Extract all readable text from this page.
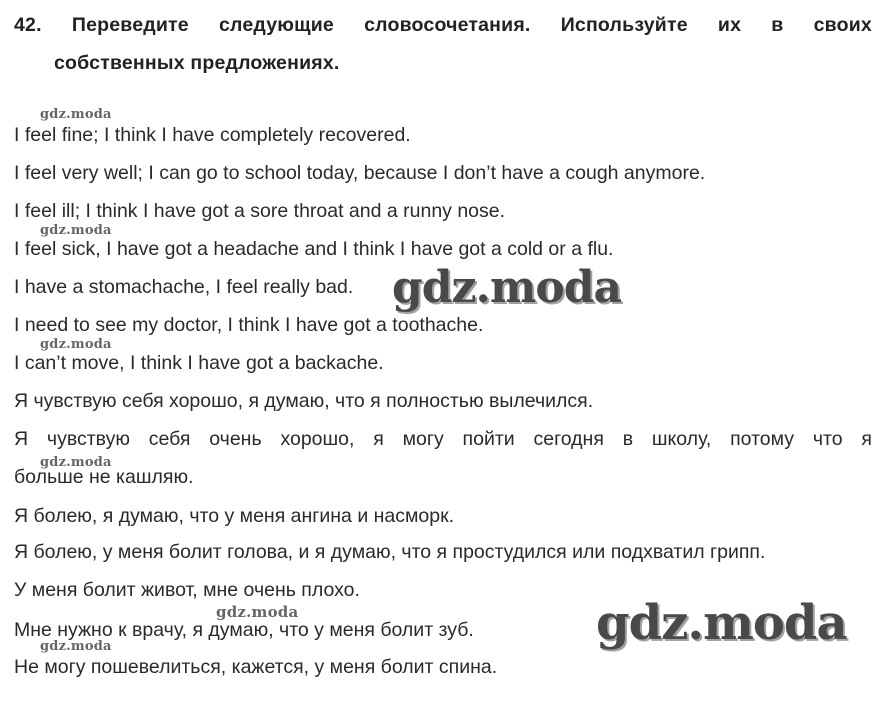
42. Переведите следующие словосочетания. Используйте их в своих
собственных предложениях.
I feel fine; I think I have completely recovered.
I feel very well; I can go to school today, because I don’t have a cough anymore.
I feel ill; I think I have got a sore throat and a runny nose.
I feel sick, I have got a headache and I think I have got a cold or a flu.
I have a stomachache, I feel really bad.
I need to see my doctor, I think I have got a toothache.
I can’t move, I think I have got a backache.
Я чувствую себя хорошо, я думаю, что я полностью вылечился.
Я чувствую себя очень хорошо, я могу пойти сегодня в школу, потому что я
больше не кашляю.
Я болею, я думаю, что у меня ангина и насморк.
Я болею, у меня болит голова, и я думаю, что я простудился или подхватил грипп.
У меня болит живот, мне очень плохо.
Мне нужно к врачу, я думаю, что у меня болит зуб.
Не могу пошевелиться, кажется, у меня болит спина.
gdz.moda
gdz.moda
gdz.moda
gdz.moda
gdz.moda
gdz.moda
gdz.moda
gdz.moda
